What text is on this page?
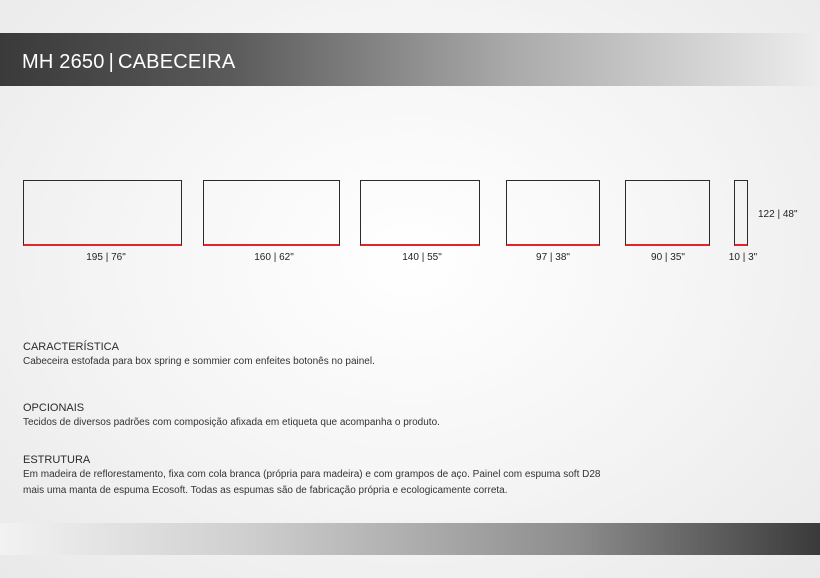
MH 2650 | CABECEIRA
195 | 76"	160 | 62"	140 | 55"	97 | 38"	90 | 35"	10 | 3"
122 | 48"
CARACTERÍSTICA
Cabeceira estofada para box spring e sommier com enfeites botonês no painel.
OPCIONAIS
Tecidos de diversos padrões com composição afixada em etiqueta que acompanha o produto.
ESTRUTURA
Em madeira de reflorestamento, fixa com cola branca (própria para madeira) e com grampos de aço. Painel com espuma soft D28
mais uma manta de espuma Ecosoft. Todas as espumas são de fabricação própria e ecologicamente correta.
